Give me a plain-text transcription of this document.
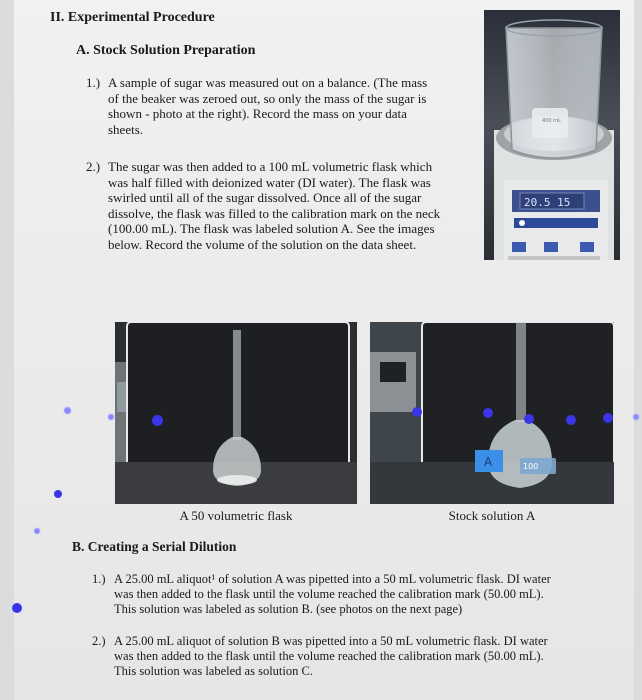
II. Experimental Procedure
A. Stock Solution Preparation
1.) A sample of sugar was measured out on a balance. (The mass
of the beaker was zeroed out, so only the mass of the sugar is
shown - photo at the right). Record the mass on your data
sheets.
2.) The sugar was then added to a 100 mL volumetric flask which
was half filled with deionized water (DI water). The flask was
swirled until all of the sugar dissolved. Once all of the sugar
dissolve, the flask was filled to the calibration mark on the neck
(100.00 mL). The flask was labeled solution A. See the images
below. Record the volume of the solution on the data sheet.
400 mL
20.5 15
A	100
A 50 volumetric flask	Stock solution A
B. Creating a Serial Dilution
1.) A 25.00 mL aliquot¹ of solution A was pipetted into a 50 mL volumetric flask. DI water
was then added to the flask until the volume reached the calibration mark (50.00 mL).
This solution was labeled as solution B. (see photos on the next page)
2.) A 25.00 mL aliquot of solution B was pipetted into a 50 mL volumetric flask. DI water
was then added to the flask until the volume reached the calibration mark (50.00 mL).
This solution was labeled as solution C.
